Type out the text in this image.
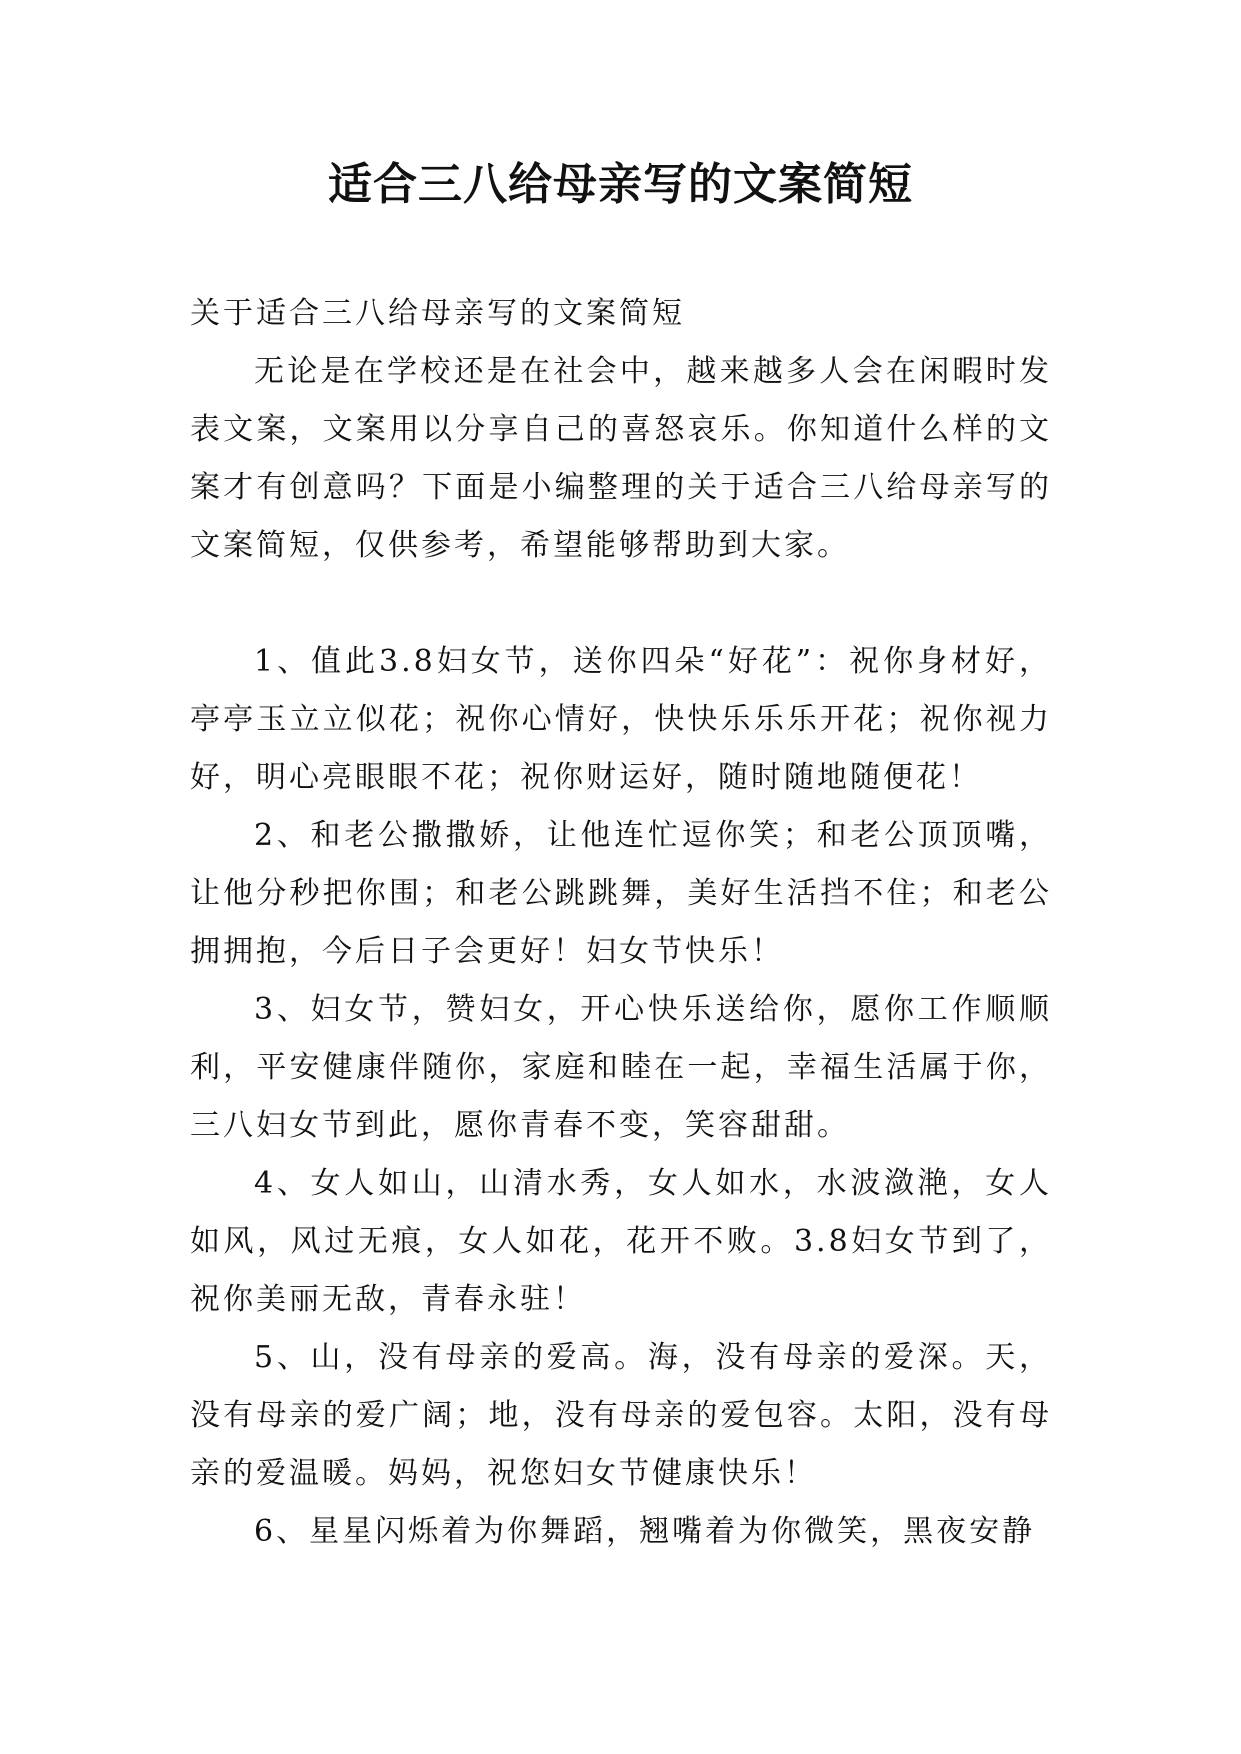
适合三八给母亲写的文案简短

关于适合三八给母亲写的文案简短

无论是在学校还是在社会中，越来越多人会在闲暇时发表文案，文案用以分享自己的喜怒哀乐。你知道什么样的文案才有创意吗？下面是小编整理的关于适合三八给母亲写的文案简短，仅供参考，希望能够帮助到大家。

1、值此3.8妇女节，送你四朵“好花”：祝你身材好，亭亭玉立立似花；祝你心情好，快快乐乐乐开花；祝你视力好，明心亮眼眼不花；祝你财运好，随时随地随便花！

2、和老公撒撒娇，让他连忙逗你笑；和老公顶顶嘴，让他分秒把你围；和老公跳跳舞，美好生活挡不住；和老公拥拥抱，今后日子会更好！妇女节快乐！

3、妇女节，赞妇女，开心快乐送给你，愿你工作顺顺利，平安健康伴随你，家庭和睦在一起，幸福生活属于你，三八妇女节到此，愿你青春不变，笑容甜甜。

4、女人如山，山清水秀，女人如水，水波潋滟，女人如风，风过无痕，女人如花，花开不败。3.8妇女节到了，祝你美丽无敌，青春永驻！

5、山，没有母亲的爱高。海，没有母亲的爱深。天，没有母亲的爱广阔；地，没有母亲的爱包容。太阳，没有母亲的爱温暖。妈妈，祝您妇女节健康快乐！

6、星星闪烁着为你舞蹈，翘嘴着为你微笑，黑夜安静
